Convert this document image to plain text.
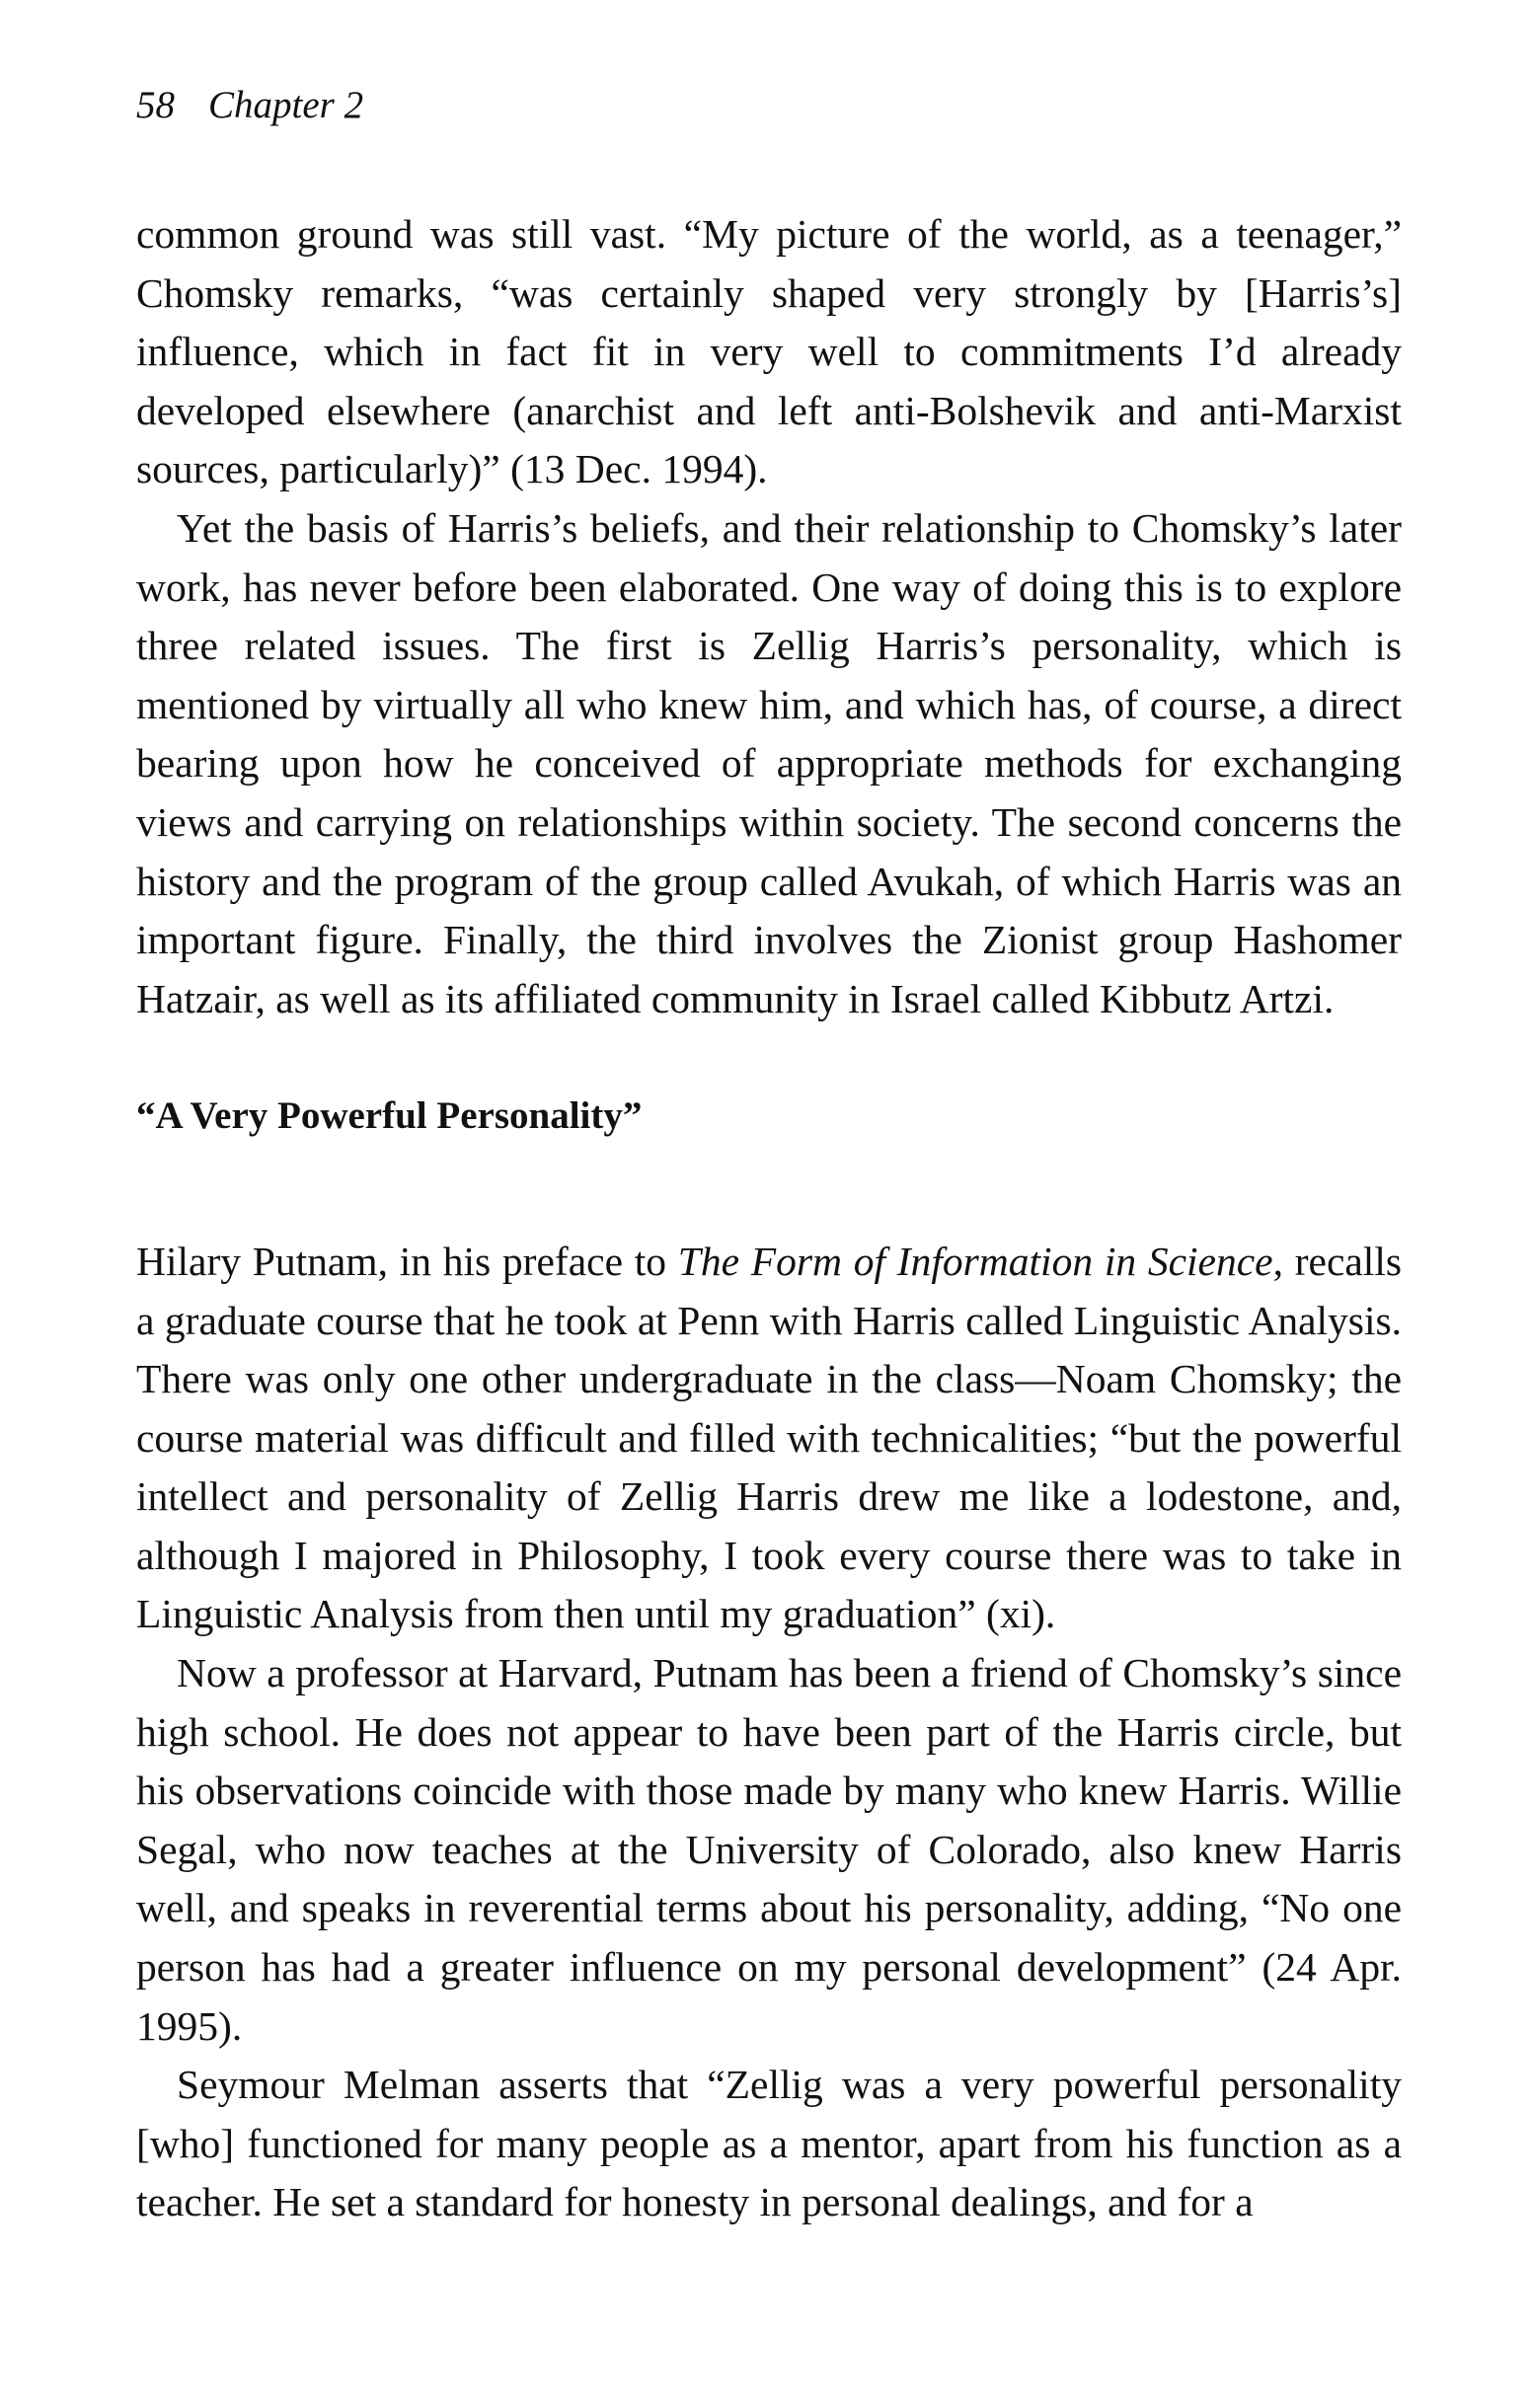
58 Chapter 2

common ground was still vast. “My picture of the world, as a teenager,” Chomsky remarks, “was certainly shaped very strongly by [Harris’s] influence, which in fact fit in very well to commitments I’d already developed elsewhere (anarchist and left anti-Bolshevik and anti-Marxist sources, particularly)” (13 Dec. 1994).

Yet the basis of Harris’s beliefs, and their relationship to Chomsky’s later work, has never before been elaborated. One way of doing this is to explore three related issues. The first is Zellig Harris’s personality, which is mentioned by virtually all who knew him, and which has, of course, a direct bearing upon how he conceived of appropriate methods for exchanging views and carrying on relationships within society. The second concerns the history and the program of the group called Avukah, of which Harris was an important figure. Finally, the third involves the Zionist group Hashomer Hatzair, as well as its affiliated community in Israel called Kibbutz Artzi.

“A Very Powerful Personality”

Hilary Putnam, in his preface to The Form of Information in Science, recalls a graduate course that he took at Penn with Harris called Linguistic Analysis. There was only one other undergraduate in the class—Noam Chomsky; the course material was difficult and filled with technicalities; “but the powerful intellect and personality of Zellig Harris drew me like a lodestone, and, although I majored in Philosophy, I took every course there was to take in Linguistic Analysis from then until my graduation” (xi).

Now a professor at Harvard, Putnam has been a friend of Chomsky’s since high school. He does not appear to have been part of the Harris circle, but his observations coincide with those made by many who knew Harris. Willie Segal, who now teaches at the University of Colorado, also knew Harris well, and speaks in reverential terms about his personality, adding, “No one person has had a greater influence on my personal development” (24 Apr. 1995).

Seymour Melman asserts that “Zellig was a very powerful personality [who] functioned for many people as a mentor, apart from his function as a teacher. He set a standard for honesty in personal dealings, and for a
